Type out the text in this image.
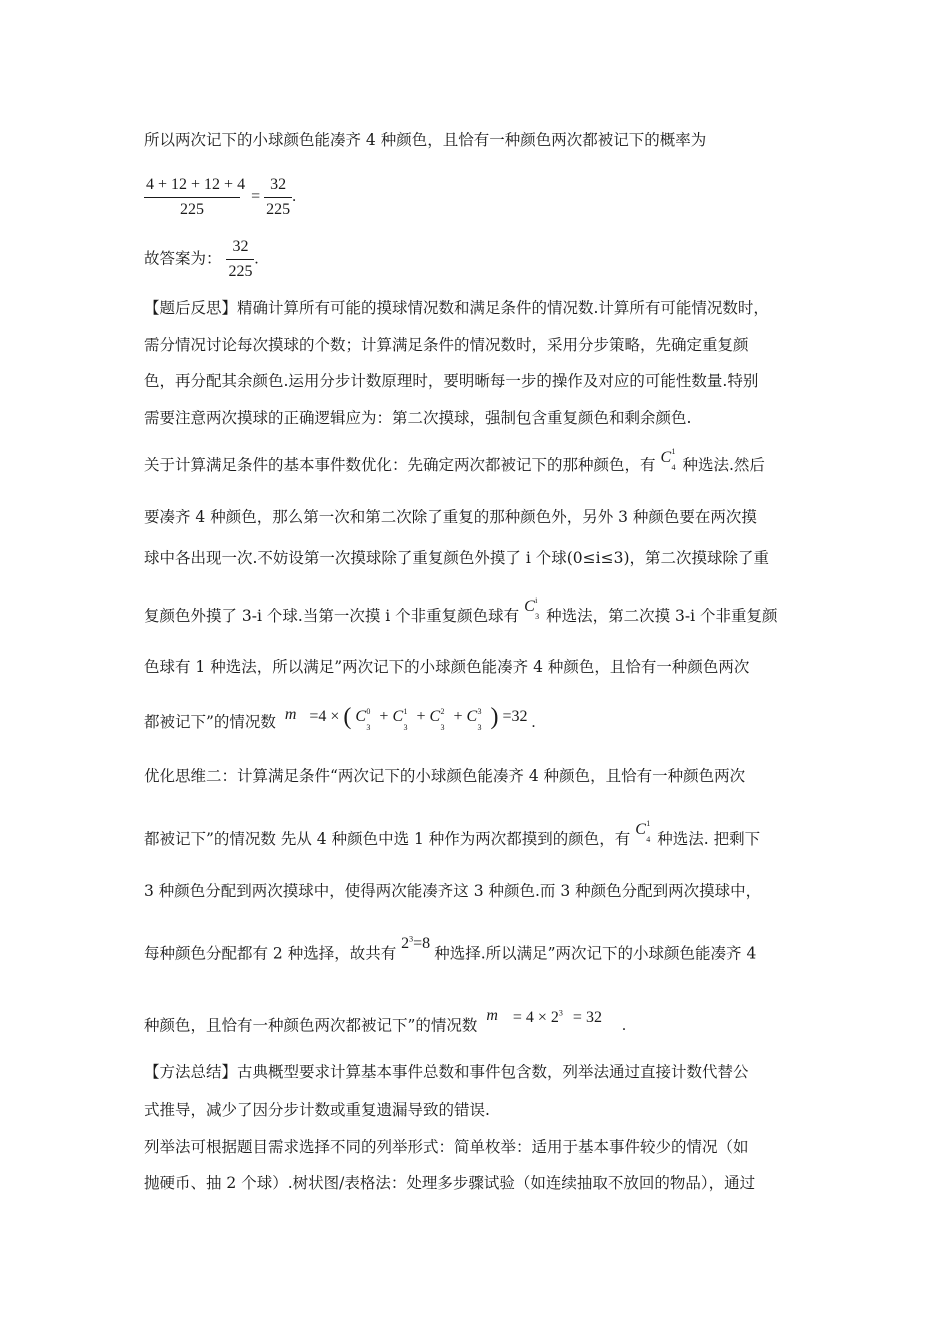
所以两次记下的小球颜色能凑齐 4 种颜色，且恰有一种颜色两次都被记下的概率为
$\frac{4 + 12 + 12 + 4}{225} = \frac{32}{225}$ .
故答案为： $\frac{32}{225}$ .
【题后反思】精确计算所有可能的摸球情况数和满足条件的情况数.计算所有可能情况数时，
需分情况讨论每次摸球的个数；计算满足条件的情况数时，采用分步策略，先确定重复颜
色，再分配其余颜色.运用分步计数原理时，要明晰每一步的操作及对应的可能性数量.特别
需要注意两次摸球的正确逻辑应为：第二次摸球，强制包含重复颜色和剩余颜色.
关于计算满足条件的基本事件数优化：先确定两次都被记下的那种颜色，有 C 1
4 种选法.然后
要凑齐 4 种颜色，那么第一次和第二次除了重复的那种颜色外，另外 3 种颜色要在两次摸
球中各出现一次.不妨设第一次摸球除了重复颜色外摸了 i 个球(0≤i≤3)，第二次摸球除了重
复颜色外摸了 3-i 个球.当第一次摸 i 个非重复颜色球有 C i
3 种选法，第二次摸 3-i 个非重复颜
色球有 1 种选法，所以满足”两次记下的小球颜色能凑齐 4 种颜色，且恰有一种颜色两次
都被记下”的情况数 m =4 × ( C 0
3
+ C 1
3
+ C 2
3
+ C 3
3 ) =32 .
优化思维二：计算满足条件“两次记下的小球颜色能凑齐 4 种颜色，且恰有一种颜色两次
都被记下”的情况数 先从 4 种颜色中选 1 种作为两次都摸到的颜色，有 C 1
4 种选法. 把剩下
3 种颜色分配到两次摸球中，使得两次能凑齐这 3 种颜色.而 3 种颜色分配到两次摸球中，
每种颜色分配都有 2 种选择，故共有 $2^3=8$ 种选择.所以满足”两次记下的小球颜色能凑齐 4
种颜色，且恰有一种颜色两次都被记下”的情况数 $m = 4 \times 2^3 = 32$ .
【方法总结】古典概型要求计算基本事件总数和事件包含数，列举法通过直接计数代替公
式推导，减少了因分步计数或重复遗漏导致的错误.
列举法可根据题目需求选择不同的列举形式：简单枚举：适用于基本事件较少的情况（如
抛硬币、抽 2 个球）.树状图/表格法：处理多步骤试验（如连续抽取不放回的物品），通过
